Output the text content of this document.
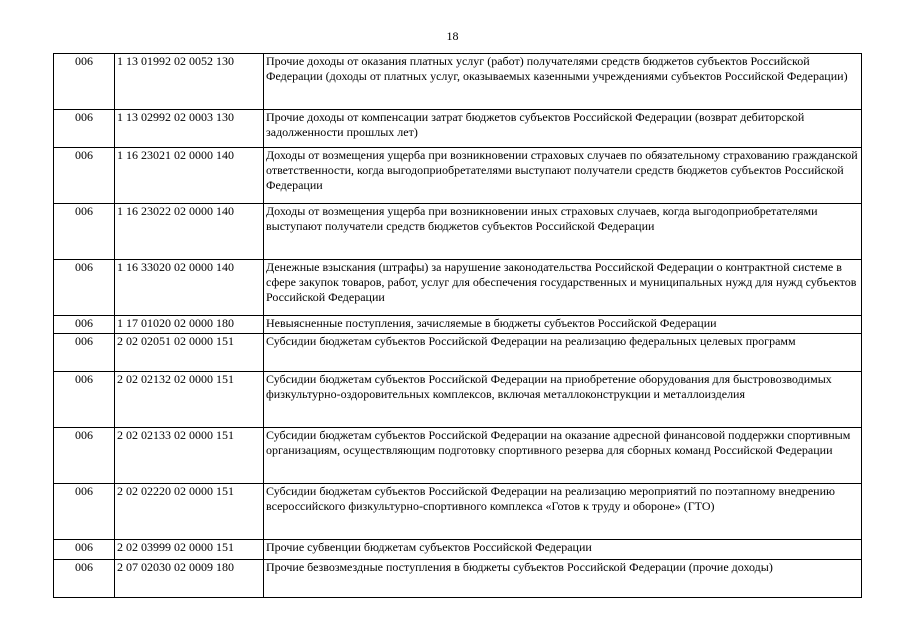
18
006	1 13 01992 02 0052 130	Прочие доходы от оказания платных услуг (работ) получателями средств бюджетов субъектов Российской Федерации (доходы от платных услуг, оказываемых казенными учреждениями субъектов Российской Федерации)
006	1 13 02992 02 0003 130	Прочие доходы от компенсации затрат бюджетов субъектов Российской Федерации (возврат дебиторской задолженности прошлых лет)
006	1 16 23021 02 0000 140	Доходы от возмещения ущерба при возникновении страховых случаев по обязательному страхованию гражданской ответственности, когда выгодоприобретателями выступают получатели средств бюджетов субъектов Российской Федерации
006	1 16 23022 02 0000 140	Доходы от возмещения ущерба при возникновении иных страховых случаев, когда выгодоприобретателями выступают получатели средств бюджетов субъектов Российской Федерации
006	1 16 33020 02 0000 140	Денежные взыскания (штрафы) за нарушение законодательства Российской Федерации о контрактной системе в сфере закупок товаров, работ, услуг для обеспечения государственных и муниципальных нужд для нужд субъектов Российской Федерации
006	1 17 01020 02 0000 180	Невыясненные поступления, зачисляемые в бюджеты субъектов Российской Федерации
006	2 02 02051 02 0000 151	Субсидии бюджетам субъектов Российской Федерации на реализацию федеральных целевых программ
006	2 02 02132 02 0000 151	Субсидии бюджетам субъектов Российской Федерации на приобретение оборудования для быстровозводимых физкультурно-оздоровительных комплексов, включая металлоконструкции и металлоизделия
006	2 02 02133 02 0000 151	Субсидии бюджетам субъектов Российской Федерации на оказание адресной финансовой поддержки спортивным организациям, осуществляющим подготовку спортивного резерва для сборных команд Российской Федерации
006	2 02 02220 02 0000 151	Субсидии бюджетам субъектов Российской Федерации на реализацию мероприятий по поэтапному внедрению всероссийского физкультурно-спортивного комплекса «Готов к труду и обороне» (ГТО)
006	2 02 03999 02 0000 151	Прочие субвенции бюджетам субъектов Российской Федерации
006	2 07 02030 02 0009 180	Прочие безвозмездные поступления в бюджеты субъектов Российской Федерации (прочие доходы)
